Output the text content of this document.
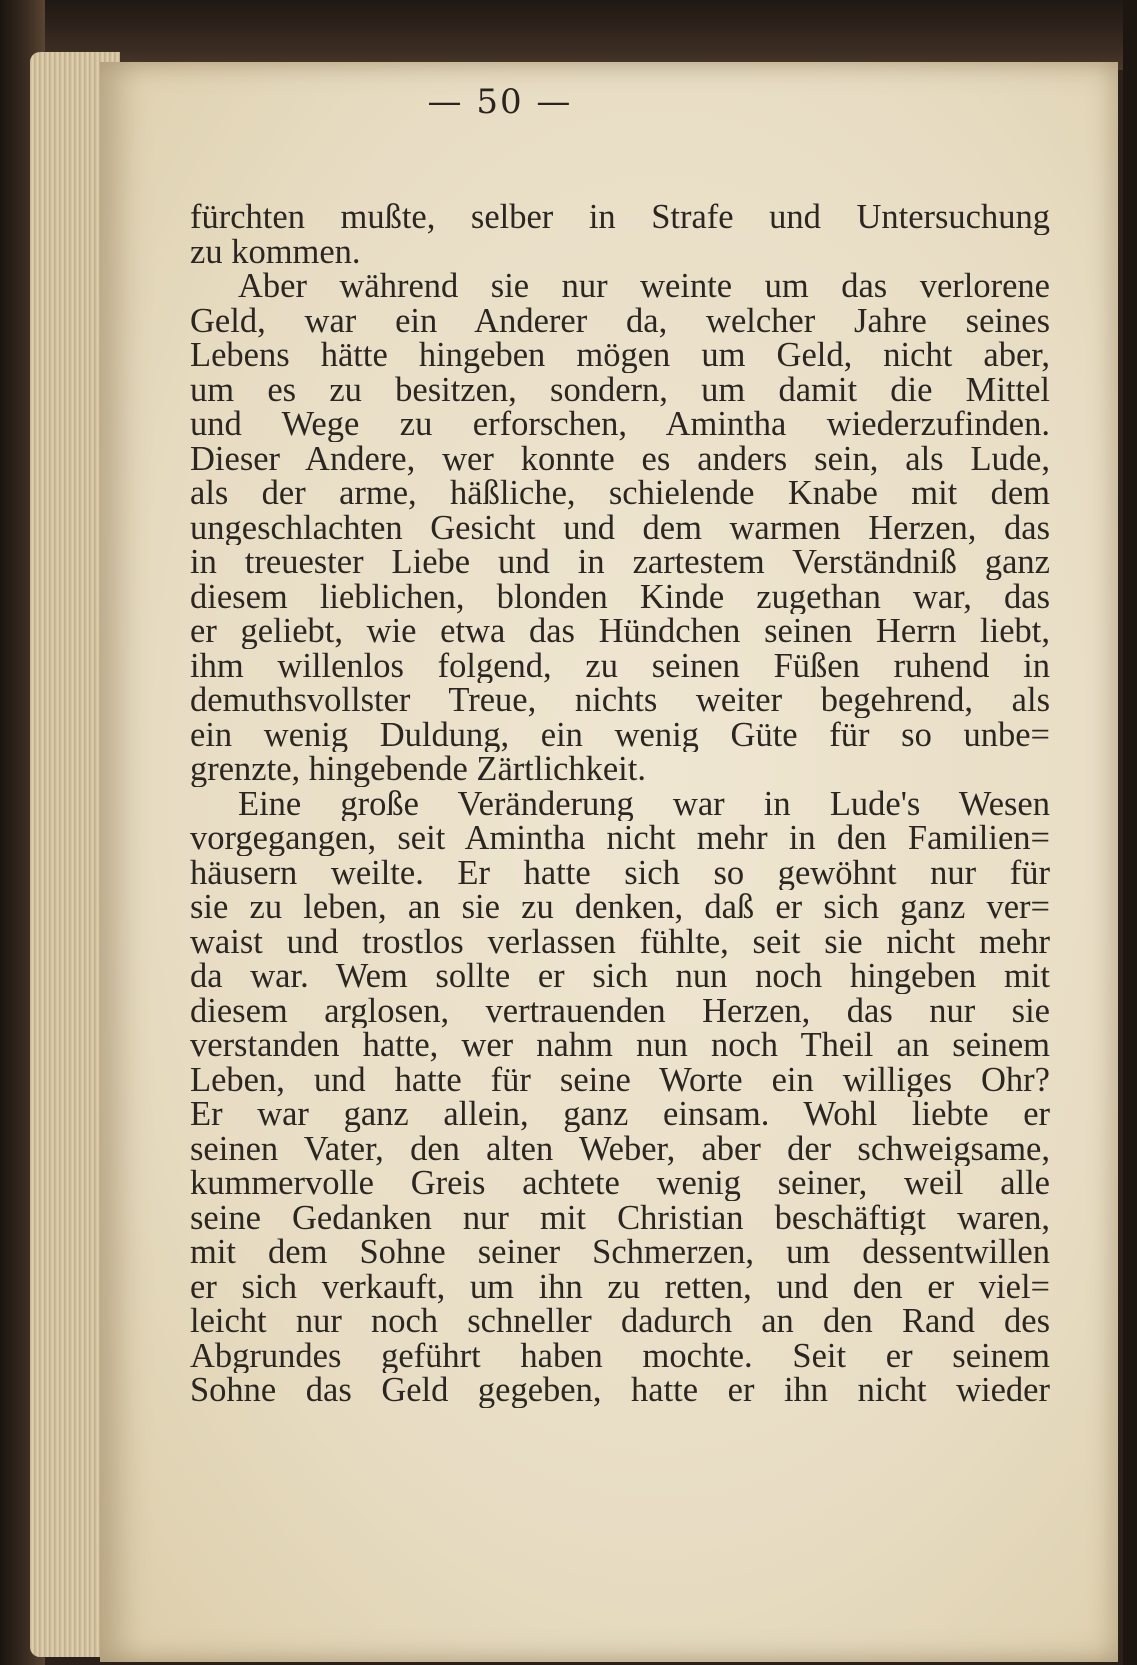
— 50 —
fürchten mußte, selber in Strafe und Untersuchung
zu kommen.
Aber während sie nur weinte um das verlorene
Geld, war ein Anderer da, welcher Jahre seines
Lebens hätte hingeben mögen um Geld, nicht aber,
um es zu besitzen, sondern, um damit die Mittel
und Wege zu erforschen, Amintha wiederzufinden.
Dieser Andere, wer konnte es anders sein, als Lude,
als der arme, häßliche, schielende Knabe mit dem
ungeschlachten Gesicht und dem warmen Herzen, das
in treuester Liebe und in zartestem Verständniß ganz
diesem lieblichen, blonden Kinde zugethan war, das
er geliebt, wie etwa das Hündchen seinen Herrn liebt,
ihm willenlos folgend, zu seinen Füßen ruhend in
demuthsvollster Treue, nichts weiter begehrend, als
ein wenig Duldung, ein wenig Güte für so unbe=
grenzte, hingebende Zärtlichkeit.
Eine große Veränderung war in Lude's Wesen
vorgegangen, seit Amintha nicht mehr in den Familien=
häusern weilte. Er hatte sich so gewöhnt nur für
sie zu leben, an sie zu denken, daß er sich ganz ver=
waist und trostlos verlassen fühlte, seit sie nicht mehr
da war. Wem sollte er sich nun noch hingeben mit
diesem arglosen, vertrauenden Herzen, das nur sie
verstanden hatte, wer nahm nun noch Theil an seinem
Leben, und hatte für seine Worte ein williges Ohr?
Er war ganz allein, ganz einsam. Wohl liebte er
seinen Vater, den alten Weber, aber der schweigsame,
kummervolle Greis achtete wenig seiner, weil alle
seine Gedanken nur mit Christian beschäftigt waren,
mit dem Sohne seiner Schmerzen, um dessentwillen
er sich verkauft, um ihn zu retten, und den er viel=
leicht nur noch schneller dadurch an den Rand des
Abgrundes geführt haben mochte. Seit er seinem
Sohne das Geld gegeben, hatte er ihn nicht wieder
